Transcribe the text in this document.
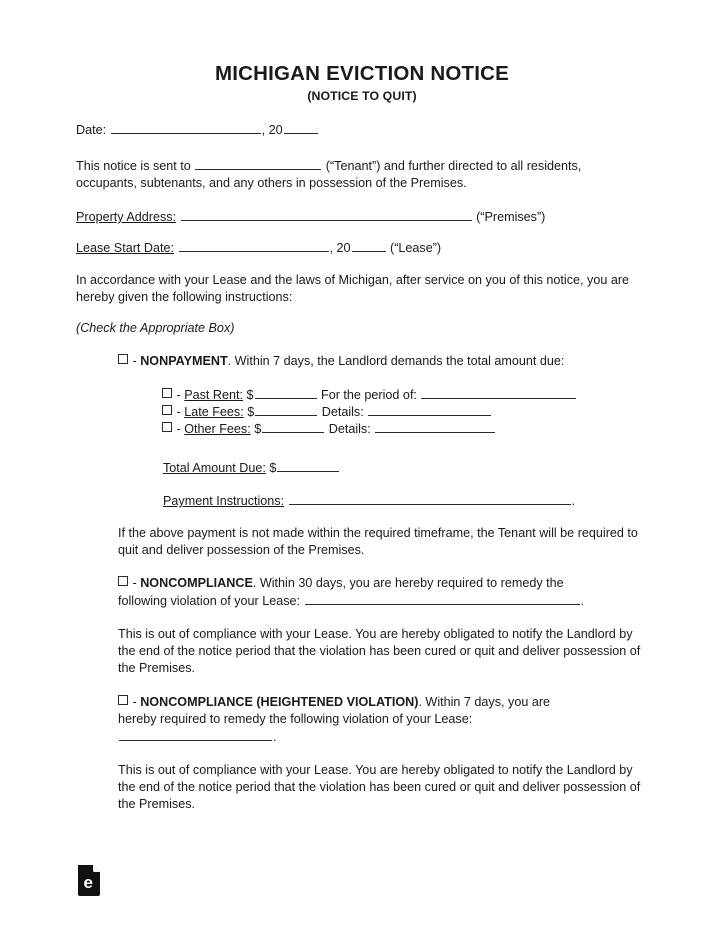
MICHIGAN EVICTION NOTICE
(NOTICE TO QUIT)
Date:	, 20
This notice is sent to	(“Tenant”) and further directed to all residents,
occupants, subtenants, and any others in possession of the Premises.
Property Address:	(“Premises”)
Lease Start Date:	, 20	(“Lease”)
In accordance with your Lease and the laws of Michigan, after service on you of this notice, you are hereby given the following instructions:
(Check the Appropriate Box)
- NONPAYMENT. Within 7 days, the Landlord demands the total amount due:
- Past Rent: $	For the period of:
- Late Fees: $	Details:
- Other Fees: $	Details:
Total Amount Due: $
Payment Instructions:	.
If the above payment is not made within the required timeframe, the Tenant will be required to quit and deliver possession of the Premises.
- NONCOMPLIANCE. Within 30 days, you are hereby required to remedy the
following violation of your Lease:	.
This is out of compliance with your Lease. You are hereby obligated to notify the Landlord by the end of the notice period that the violation has been cured or quit and deliver possession of the Premises.
- NONCOMPLIANCE (HEIGHTENED VIOLATION). Within 7 days, you are
hereby required to remedy the following violation of your Lease:
.
This is out of compliance with your Lease. You are hereby obligated to notify the Landlord by the end of the notice period that the violation has been cured or quit and deliver possession of the Premises.
e
